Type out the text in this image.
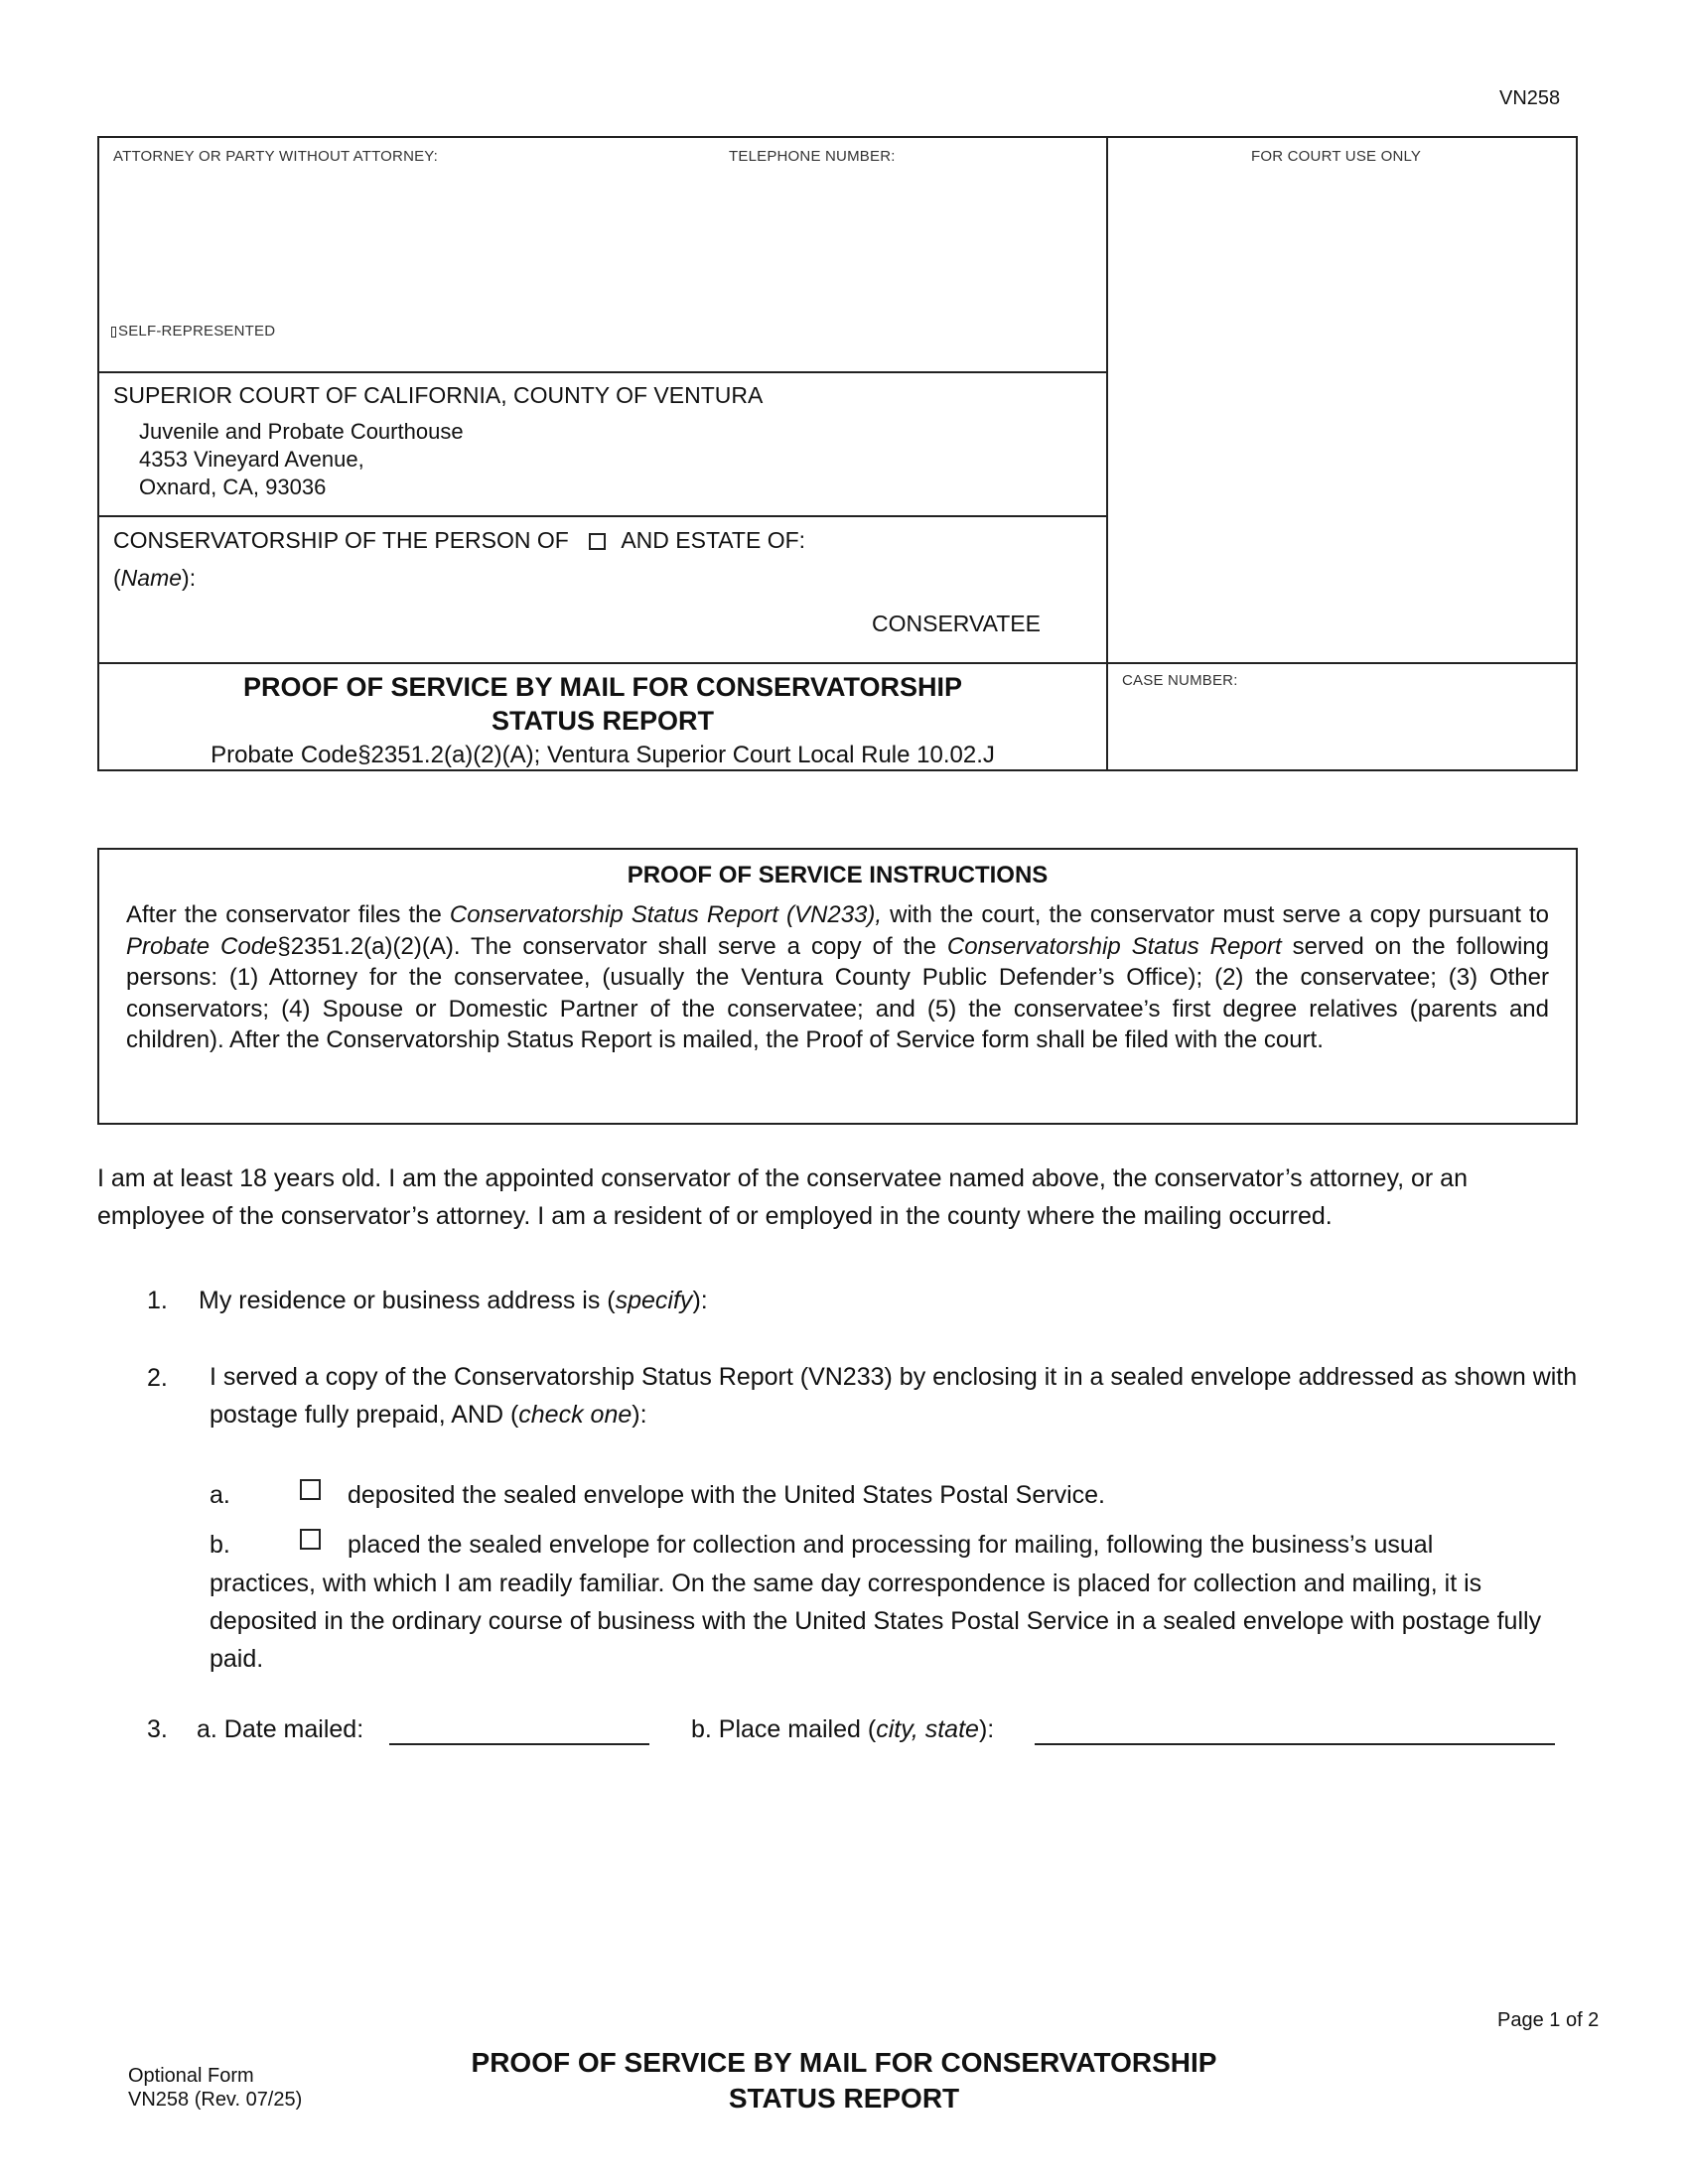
VN258
ATTORNEY OR PARTY WITHOUT ATTORNEY:	TELEPHONE NUMBER:	FOR COURT USE ONLY
SELF-REPRESENTED
SUPERIOR COURT OF CALIFORNIA, COUNTY OF VENTURA
Juvenile and Probate Courthouse
4353 Vineyard Avenue,
Oxnard, CA, 93036
CONSERVATORSHIP OF THE PERSON OF AND ESTATE OF:
(Name):
CONSERVATEE
PROOF OF SERVICE BY MAIL FOR CONSERVATORSHIP
STATUS REPORT
Probate Code§2351.2(a)(2)(A); Ventura Superior Court Local Rule 10.02.J
CASE NUMBER:
PROOF OF SERVICE INSTRUCTIONS
After the conservator files the Conservatorship Status Report (VN233), with the court, the conservator must serve a copy pursuant to Probate Code§2351.2(a)(2)(A). The conservator shall serve a copy of the Conservatorship Status Report served on the following persons: (1) Attorney for the conservatee, (usually the Ventura County Public Defender’s Office); (2) the conservatee; (3) Other conservators; (4) Spouse or Domestic Partner of the conservatee; and (5) the conservatee’s first degree relatives (parents and children). After the Conservatorship Status Report is mailed, the Proof of Service form shall be filed with the court.
I am at least 18 years old. I am the appointed conservator of the conservatee named above, the conservator’s attorney, or an employee of the conservator’s attorney. I am a resident of or employed in the county where the mailing occurred.
1. My residence or business address is (specify):
2. I served a copy of the Conservatorship Status Report (VN233) by enclosing it in a sealed envelope addressed as shown with postage fully prepaid, AND (check one):
a.	deposited the sealed envelope with the United States Postal Service.
b.	placed the sealed envelope for collection and processing for mailing, following the business’s usual
practices, with which I am readily familiar. On the same day correspondence is placed for collection and mailing, it is deposited in the ordinary course of business with the United States Postal Service in a sealed envelope with postage fully paid.
3. a. Date mailed:	b. Place mailed (city, state):
Page 1 of 2
Optional Form
VN258 (Rev. 07/25)
PROOF OF SERVICE BY MAIL FOR CONSERVATORSHIP
STATUS REPORT
